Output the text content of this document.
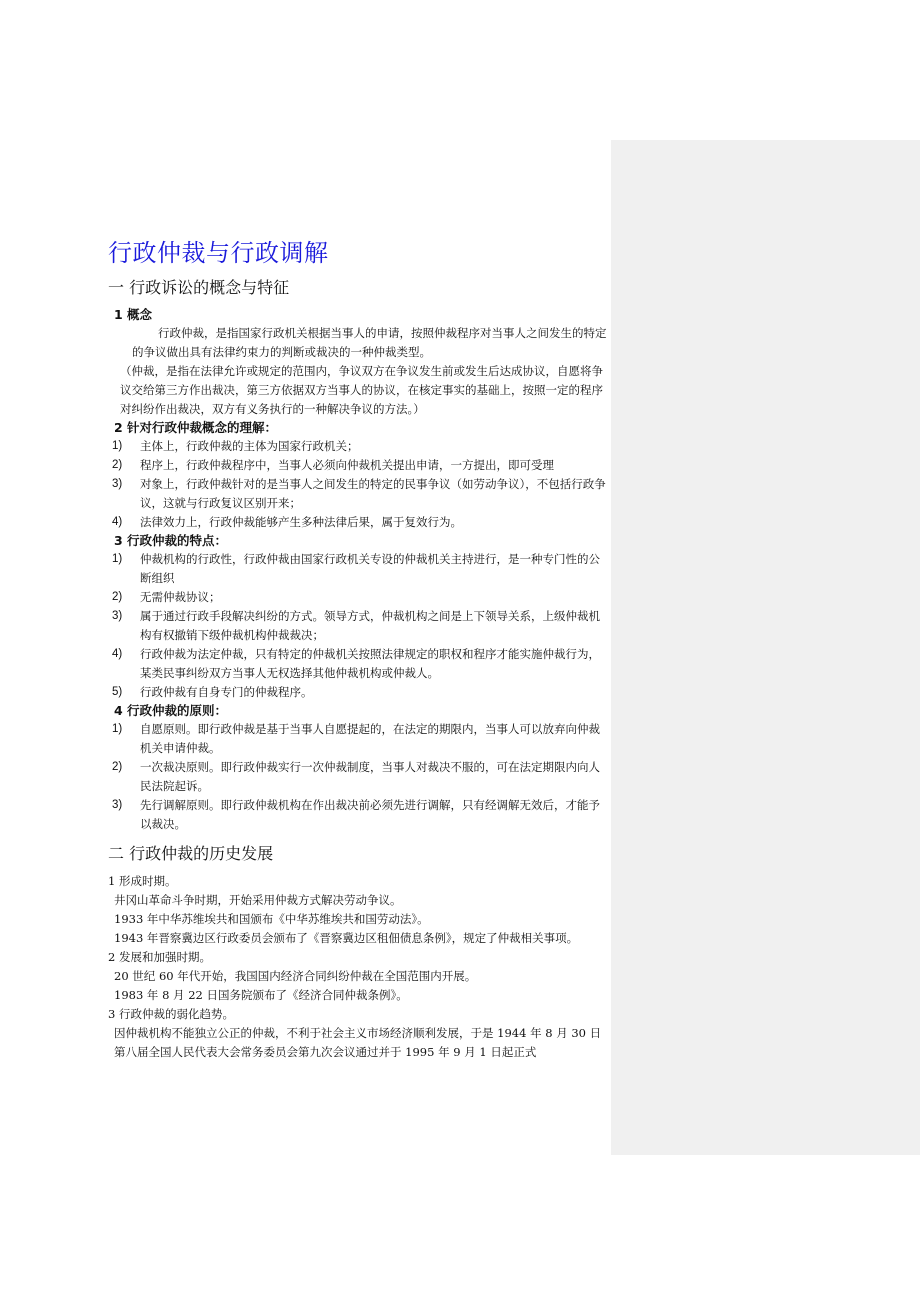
行政仲裁与行政调解
一 行政诉讼的概念与特征
1 概念

行政仲裁，是指国家行政机关根据当事人的申请，按照仲裁程序对当事人之间发生的特定的争议做出具有法律约束力的判断或裁决的一种仲裁类型。

（仲裁，是指在法律允许或规定的范围内，争议双方在争议发生前或发生后达成协议，自愿将争议交给第三方作出裁决，第三方依据双方当事人的协议，在核定事实的基础上，按照一定的程序对纠纷作出裁决，双方有义务执行的一种解决争议的方法。）

2 针对行政仲裁概念的理解：
1) 主体上，行政仲裁的主体为国家行政机关；
2) 程序上，行政仲裁程序中，当事人必须向仲裁机关提出申请，一方提出，即可受理
3) 对象上，行政仲裁针对的是当事人之间发生的特定的民事争议（如劳动争议），不包括行政争议，这就与行政复议区别开来；
4) 法律效力上，行政仲裁能够产生多种法律后果，属于复效行为。
3 行政仲裁的特点：
1) 仲裁机构的行政性，行政仲裁由国家行政机关专设的仲裁机关主持进行，是一种专门性的公断组织
2) 无需仲裁协议；
3) 属于通过行政手段解决纠纷的方式。领导方式，仲裁机构之间是上下领导关系，上级仲裁机构有权撤销下级仲裁机构仲裁裁决；
4) 行政仲裁为法定仲裁，只有特定的仲裁机关按照法律规定的职权和程序才能实施仲裁行为，某类民事纠纷双方当事人无权选择其他仲裁机构或仲裁人。
5) 行政仲裁有自身专门的仲裁程序。
4 行政仲裁的原则：
1) 自愿原则。即行政仲裁是基于当事人自愿提起的，在法定的期限内，当事人可以放弃向仲裁机关申请仲裁。
2) 一次裁决原则。即行政仲裁实行一次仲裁制度，当事人对裁决不服的，可在法定期限内向人民法院起诉。
3) 先行调解原则。即行政仲裁机构在作出裁决前必须先进行调解，只有经调解无效后，才能予以裁决。
二 行政仲裁的历史发展

1 形成时期。

井冈山革命斗争时期，开始采用仲裁方式解决劳动争议。

1933 年中华苏维埃共和国颁布《中华苏维埃共和国劳动法》。

1943 年晋察冀边区行政委员会颁布了《晋察冀边区租佃债息条例》，规定了仲裁相关事项。

2 发展和加强时期。

20 世纪 60 年代开始，我国国内经济合同纠纷仲裁在全国范围内开展。

1983 年 8 月 22 日国务院颁布了《经济合同仲裁条例》。

3 行政仲裁的弱化趋势。

因仲裁机构不能独立公正的仲裁，不利于社会主义市场经济顺利发展，于是 1944 年 8 月 30 日第八届全国人民代表大会常务委员会第九次会议通过并于 1995 年 9 月 1 日起正式
